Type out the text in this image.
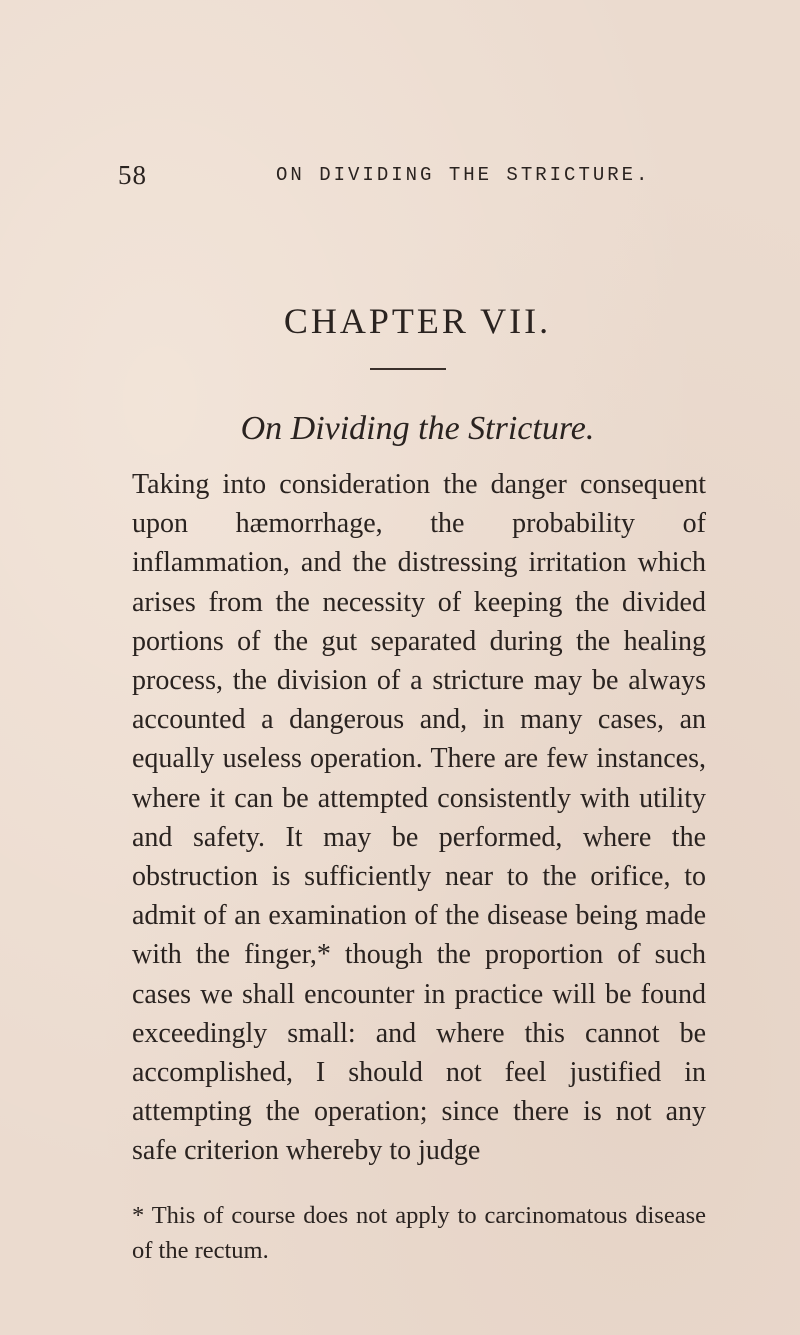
58	ON DIVIDING THE STRICTURE.
CHAPTER VII.
On Dividing the Stricture.

Taking into consideration the danger consequent upon hæmorrhage, the probability of inflammation, and the distressing irritation which arises from the necessity of keeping the divided portions of the gut separated during the healing process, the division of a stricture may be always accounted a dangerous and, in many cases, an equally useless operation. There are few instances, where it can be attempted consistently with utility and safety. It may be performed, where the obstruction is sufficiently near to the orifice, to admit of an examination of the disease being made with the finger,* though the proportion of such cases we shall encounter in practice will be found exceedingly small: and where this cannot be accomplished, I should not feel justified in attempting the operation; since there is not any safe criterion whereby to judge

* This of course does not apply to carcinomatous disease of the rectum.
